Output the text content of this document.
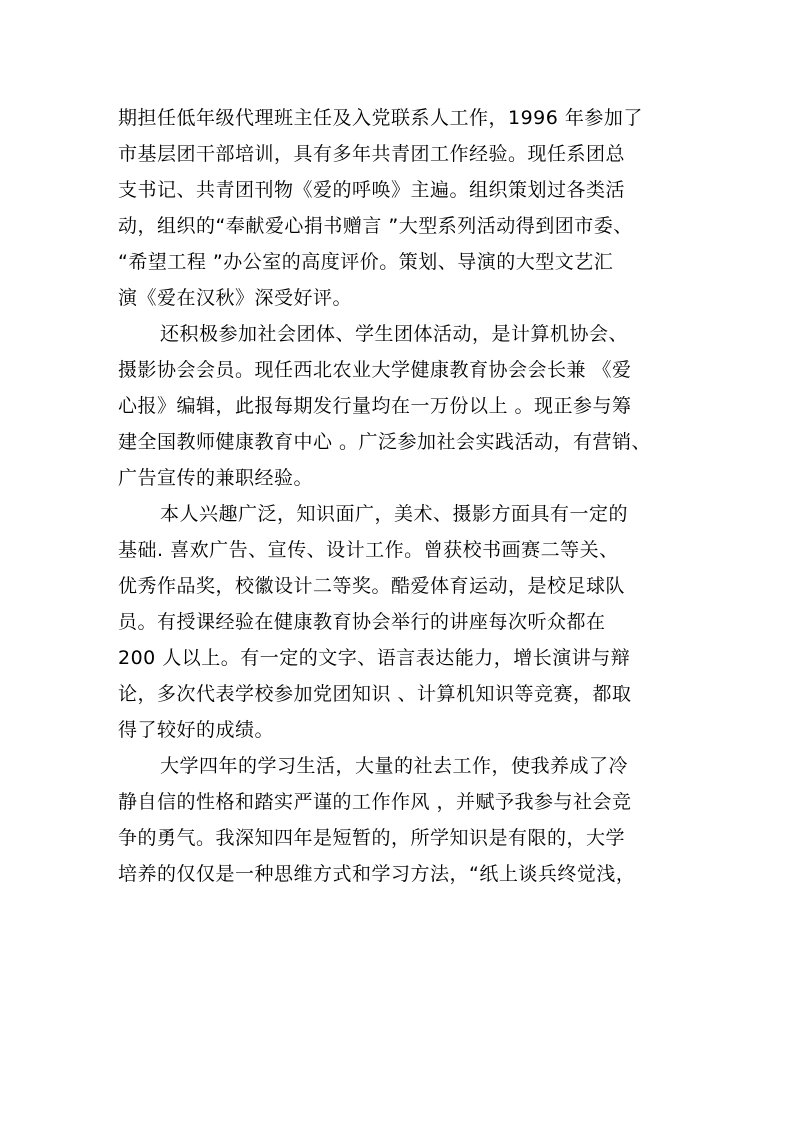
期担任低年级代理班主任及入党联系人工作，1996 年参加了
市基层团干部培训，具有多年共青团工作经验。现任系团总
支书记、共青团刊物《爱的呼唤》主遍。组织策划过各类活
动，组织的“奉献爱心捐书赠言 ”大型系列活动得到团市委、
“希望工程 ”办公室的高度评价。策划、导演的大型文艺汇
演《爱在汉秋》深受好评。
还积极参加社会团体、学生团体活动，是计算机协会、
摄影协会会员。现任西北农业大学健康教育协会会长兼 《爱
心报》编辑，此报每期发行量均在一万份以上 。现正参与筹
建全国教师健康教育中心 。广泛参加社会实践活动，有营销、
广告宣传的兼职经验。
本人兴趣广泛，知识面广，美术、摄影方面具有一定的
基础. 喜欢广告、宣传、设计工作。曾获校书画赛二等关、
优秀作品奖，校徽设计二等奖。酷爱体育运动，是校足球队
员。有授课经验在健康教育协会举行的讲座每次听众都在
200 人以上。有一定的文字、语言表达能力，增长演讲与辩
论，多次代表学校参加党团知识 、计算机知识等竞赛，都取
得了较好的成绩。
大学四年的学习生活，大量的社去工作，使我养成了冷
静自信的性格和踏实严谨的工作作风 ，并赋予我参与社会竞
争的勇气。我深知四年是短暂的，所学知识是有限的，大学
培养的仅仅是一种思维方式和学习方法，“纸上谈兵终觉浅，
